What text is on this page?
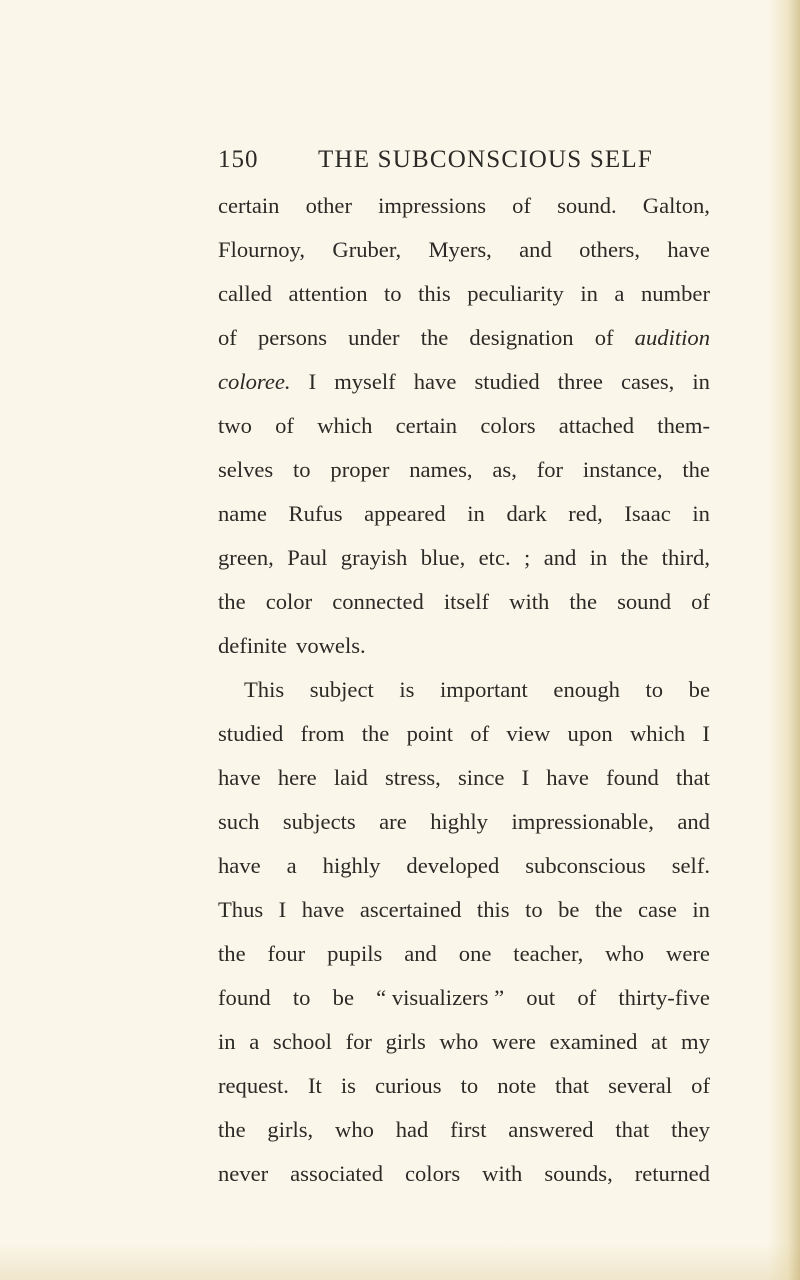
150 THE SUBCONSCIOUS SELF
certain other impressions of sound. Galton,
Flournoy, Gruber, Myers, and others, have
called attention to this peculiarity in a number
of persons under the designation of audition
coloree. I myself have studied three cases, in
two of which certain colors attached them-
selves to proper names, as, for instance, the
name Rufus appeared in dark red, Isaac in
green, Paul grayish blue, etc. ; and in the third,
the color connected itself with the sound of
definite vowels.
This subject is important enough to be
studied from the point of view upon which I
have here laid stress, since I have found that
such subjects are highly impressionable, and
have a highly developed subconscious self.
Thus I have ascertained this to be the case in
the four pupils and one teacher, who were
found to be “ visualizers ” out of thirty-five
in a school for girls who were examined at my
request. It is curious to note that several of
the girls, who had first answered that they
never associated colors with sounds, returned
